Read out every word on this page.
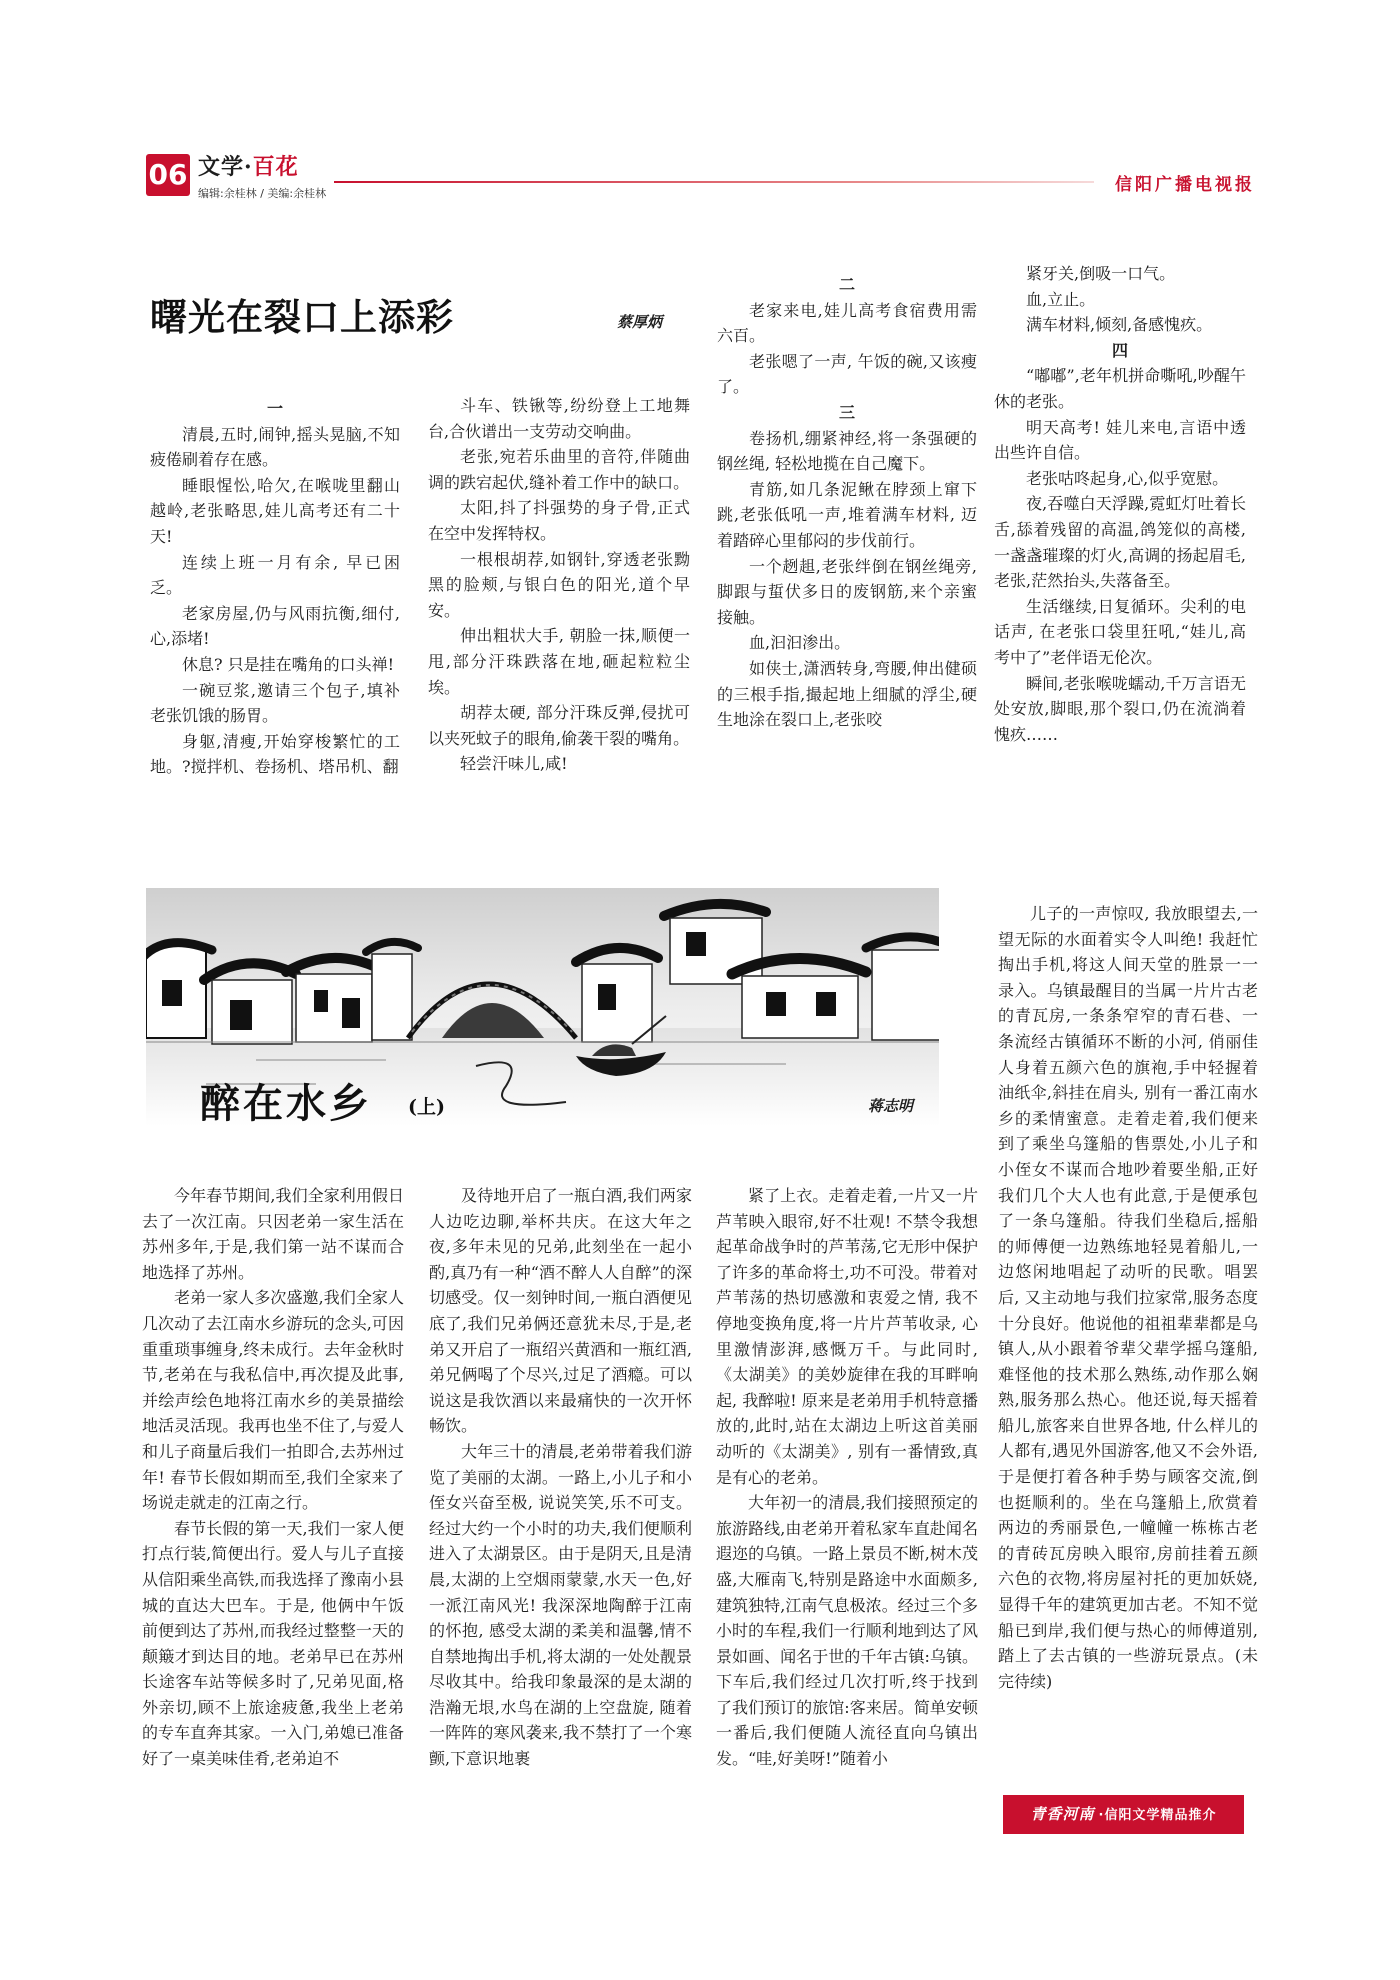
06 文学·百花
编辑:余桂林 / 美编:余桂林	信阳广播电视报
曙光在裂口上添彩	蔡厚炳

一

清晨,五时,闹钟,摇头晃脑,不知疲倦刷着存在感。

睡眼惺忪,哈欠,在喉咙里翻山越岭,老张略思,娃儿高考还有二十天!

连续上班一月有余, 早已困乏。

老家房屋,仍与风雨抗衡,细付,心,添堵!

休息? 只是挂在嘴角的口头禅!

一碗豆浆,邀请三个包子,填补老张饥饿的肠胃。

身躯,清瘦,开始穿梭繁忙的工地。?搅拌机、卷扬机、塔吊机、翻

斗车、铁锹等,纷纷登上工地舞台,合伙谱出一支劳动交响曲。

老张,宛若乐曲里的音符,伴随曲调的跌宕起伏,缝补着工作中的缺口。

太阳,抖了抖强势的身子骨,正式在空中发挥特权。

一根根胡荐,如钢针,穿透老张黝黑的脸颊,与银白色的阳光,道个早安。

伸出粗状大手, 朝脸一抹,顺便一甩,部分汗珠跌落在地,砸起粒粒尘埃。

胡荐太硬, 部分汗珠反弹,侵扰可以夹死蚊子的眼角,偷袭干裂的嘴角。

轻尝汗味儿,咸!

二

老家来电,娃儿高考食宿费用需六百。

老张嗯了一声, 午饭的碗,又该瘦了。

三

卷扬机,绷紧神经,将一条强硬的钢丝绳, 轻松地揽在自己魔下。

青筋,如几条泥鳅在脖颈上窜下跳,老张低吼一声,堆着满车材料, 迈着踏碎心里郁闷的步伐前行。

一个趔趄,老张绊倒在钢丝绳旁,脚跟与蜇伏多日的废钢筋,来个亲蜜接触。

血,汩汩渗出。

如侠士,潇洒转身,弯腰,伸出健硕的三根手指,撮起地上细腻的浮尘,硬生地涂在裂口上,老张咬

紧牙关,倒吸一口气。

血,立止。

满车材料,倾刻,备感愧疚。

四

“嘟嘟”,老年机拼命嘶吼,吵醒午休的老张。

明天高考! 娃儿来电,言语中透出些许自信。

老张咕咚起身,心,似乎宽慰。

夜,吞噬白天浮躁,霓虹灯吐着长舌,舔着残留的高温,鸽笼似的高楼,一盏盏璀璨的灯火,高调的扬起眉毛,老张,茫然抬头,失落备至。

生活继续,日复循环。尖利的电话声, 在老张口袋里狂吼,“娃儿,高考中了”老伴语无伦次。

瞬间,老张喉咙蠕动,千万言语无处安放,脚眼,那个裂口,仍在流淌着愧疚……

醉在水乡 (上)	蒋志明

今年春节期间,我们全家利用假日去了一次江南。只因老弟一家生活在苏州多年,于是,我们第一站不谋而合地选择了苏州。

老弟一家人多次盛邀,我们全家人几次动了去江南水乡游玩的念头,可因重重琐事缠身,终未成行。去年金秋时节,老弟在与我私信中,再次提及此事,并绘声绘色地将江南水乡的美景描绘地活灵活现。我再也坐不住了,与爱人和儿子商量后我们一拍即合,去苏州过年! 春节长假如期而至,我们全家来了场说走就走的江南之行。

春节长假的第一天,我们一家人便打点行装,简便出行。爱人与儿子直接从信阳乘坐高铁,而我选择了豫南小县城的直达大巴车。于是, 他俩中午饭前便到达了苏州,而我经过整整一天的颠簸才到达目的地。老弟早已在苏州长途客车站等候多时了,兄弟见面,格外亲切,顾不上旅途疲惫,我坐上老弟的专车直奔其家。一入门,弟媳已准备好了一桌美味佳肴,老弟迫不

及待地开启了一瓶白酒,我们两家人边吃边聊,举杯共庆。在这大年之夜,多年未见的兄弟,此刻坐在一起小酌,真乃有一种“酒不醉人人自醉”的深切感受。仅一刻钟时间,一瓶白酒便见底了,我们兄弟俩还意犹未尽,于是,老弟又开启了一瓶绍兴黄酒和一瓶红酒,弟兄俩喝了个尽兴,过足了酒瘾。可以说这是我饮酒以来最痛快的一次开怀畅饮。

大年三十的清晨,老弟带着我们游览了美丽的太湖。一路上,小儿子和小侄女兴奋至极, 说说笑笑,乐不可支。经过大约一个小时的功夫,我们便顺利进入了太湖景区。由于是阴天,且是清晨,太湖的上空烟雨蒙蒙,水天一色,好一派江南风光! 我深深地陶醉于江南的怀抱, 感受太湖的柔美和温馨,情不自禁地掏出手机,将太湖的一处处靓景尽收其中。给我印象最深的是太湖的浩瀚无垠,水鸟在湖的上空盘旋, 随着一阵阵的寒风袭来,我不禁打了一个寒颤,下意识地裹

紧了上衣。走着走着,一片又一片芦苇映入眼帘,好不壮观! 不禁令我想起革命战争时的芦苇荡,它无形中保护了许多的革命将士,功不可没。带着对芦苇荡的热切感激和衷爱之情, 我不停地变换角度,将一片片芦苇收录, 心里激情澎湃,感慨万千。与此同时,《太湖美》的美妙旋律在我的耳畔响起, 我醉啦! 原来是老弟用手机特意播放的,此时,站在太湖边上听这首美丽动听的《太湖美》, 别有一番情致,真是有心的老弟。

大年初一的清晨,我们接照预定的旅游路线,由老弟开着私家车直赴闻名遐迩的乌镇。一路上景员不断,树木茂盛,大雁南飞,特别是路途中水面颇多,建筑独特,江南气息极浓。经过三个多小时的车程,我们一行顺利地到达了风景如画、闻名于世的千年古镇:乌镇。下车后,我们经过几次打听,终于找到了我们预订的旅馆:客来居。简单安顿一番后,我们便随人流径直向乌镇出发。“哇,好美呀!”随着小

儿子的一声惊叹, 我放眼望去,一望无际的水面着实令人叫绝! 我赶忙掏出手机,将这人间天堂的胜景一一录入。乌镇最醒目的当属一片片古老的青瓦房,一条条窄窄的青石巷、一条流经古镇循环不断的小河, 俏丽佳人身着五颜六色的旗袍,手中轻握着油纸伞,斜挂在肩头, 别有一番江南水乡的柔情蜜意。走着走着,我们便来到了乘坐乌篷船的售票处,小儿子和小侄女不谋而合地吵着要坐船,正好我们几个大人也有此意,于是便承包了一条乌篷船。待我们坐稳后,摇船的师傅便一边熟练地轻晃着船儿,一边悠闲地唱起了动听的民歌。唱罢后, 又主动地与我们拉家常,服务态度十分良好。他说他的祖祖辈辈都是乌镇人,从小跟着爷辈父辈学摇乌篷船,难怪他的技术那么熟练,动作那么娴熟,服务那么热心。他还说,每天摇着船儿,旅客来自世界各地, 什么样儿的人都有,遇见外国游客,他又不会外语,于是便打着各种手势与顾客交流,倒也挺顺利的。坐在乌篷船上,欣赏着两边的秀丽景色,一幢幢一栋栋古老的青砖瓦房映入眼帘,房前挂着五颜六色的衣物,将房屋衬托的更加妖娆, 显得千年的建筑更加古老。不知不觉船已到岸,我们便与热心的师傅道别,踏上了去古镇的一些游玩景点。(未完待续)

青香河南 ·信阳文学精品推介
